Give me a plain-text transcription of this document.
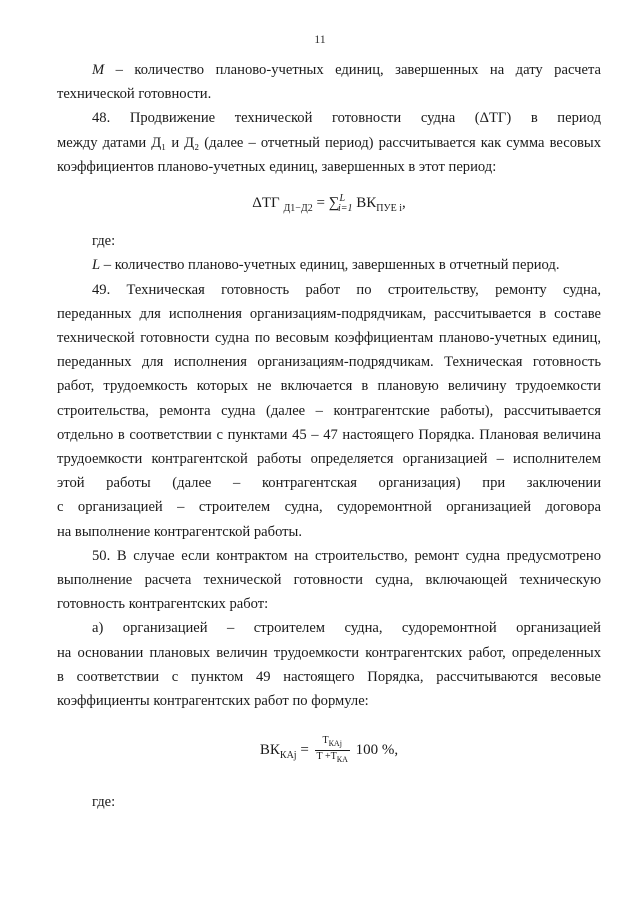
11

М – количество планово-учетных единиц, завершенных на дату расчета

технической готовности.

48. Продвижение технической готовности судна (ΔТГ) в период

между датами Д₁ и Д₂ (далее – отчетный период) рассчитывается как сумма весовых

коэффициентов планово-учетных единиц, завершенных в этот период:

ΔТГ $_{Д1-Д2}$ = ∑$^L_{i=1}$ $ВК_{ПУЕ i}$,

где:

L – количество планово-учетных единиц, завершенных в отчетный период.

49. Техническая готовность работ по строительству, ремонту судна,

переданных для исполнения организациям-подрядчикам, рассчитывается в составе

технической готовности судна по весовым коэффициентам планово-учетных единиц,

переданных для исполнения организациям-подрядчикам. Техническая готовность

работ, трудоемкость которых не включается в плановую величину трудоемкости

строительства, ремонта судна (далее – контрагентские работы), рассчитывается

отдельно в соответствии с пунктами 45 – 47 настоящего Порядка. Плановая величина

трудоемкости контрагентской работы определяется организацией – исполнителем

этой работы (далее – контрагентская организация) при заключении

с организацией – строителем судна, судоремонтной организацией договора

на выполнение контрагентской работы.

50. В случае если контрактом на строительство, ремонт судна предусмотрено

выполнение расчета технической готовности судна, включающей техническую

готовность контрагентских работ:

а) организацией – строителем судна, судоремонтной организацией

на основании плановых величин трудоемкости контрагентских работ, определенных

в соответствии с пунктом 49 настоящего Порядка, рассчитываются весовые

коэффициенты контрагентских работ по формуле:

$ВК_{КАj} = \frac{T_{КАj}}{T +T_{КА}} 100$ %,

где:
